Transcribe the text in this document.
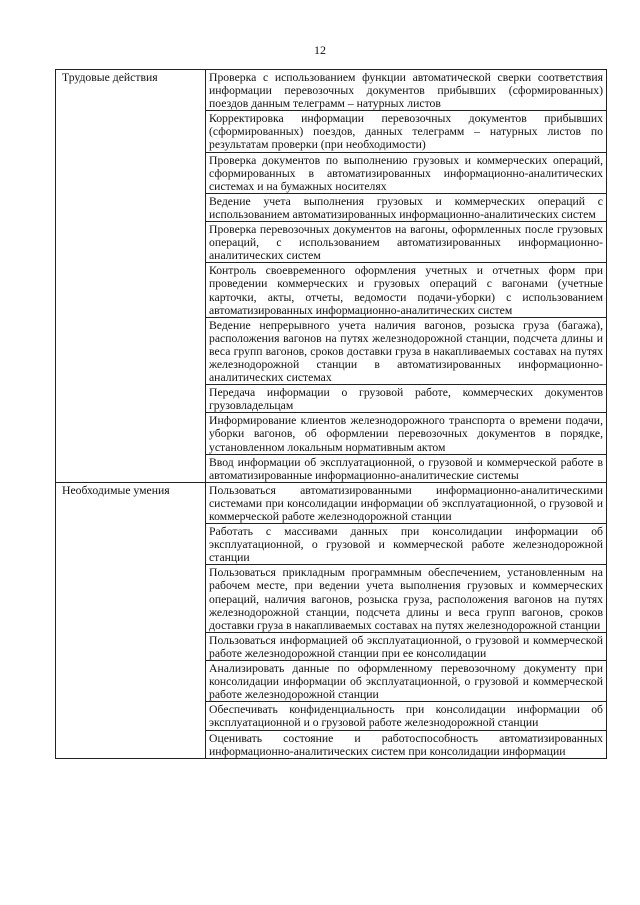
12
Трудовые действия	Проверка с использованием функции автоматической сверки соответствия информации перевозочных документов прибывших (сформированных) поездов данным телеграмм – натурных листов
	Корректировка информации перевозочных документов прибывших (сформированных) поездов, данных телеграмм – натурных листов по результатам проверки (при необходимости)
	Проверка документов по выполнению грузовых и коммерческих операций, сформированных в автоматизированных информационно-аналитических системах и на бумажных носителях
	Ведение учета выполнения грузовых и коммерческих операций с использованием автоматизированных информационно-аналитических систем
	Проверка перевозочных документов на вагоны, оформленных после грузовых операций, с использованием автоматизированных информационно-аналитических систем
	Контроль своевременного оформления учетных и отчетных форм при проведении коммерческих и грузовых операций с вагонами (учетные карточки, акты, отчеты, ведомости подачи-уборки) с использованием автоматизированных информационно-аналитических систем
	Ведение непрерывного учета наличия вагонов, розыска груза (багажа), расположения вагонов на путях железнодорожной станции, подсчета длины и веса групп вагонов, сроков доставки груза в накапливаемых составах на путях железнодорожной станции в автоматизированных информационно-аналитических системах
	Передача информации о грузовой работе, коммерческих документов грузовладельцам
	Информирование клиентов железнодорожного транспорта о времени подачи, уборки вагонов, об оформлении перевозочных документов в порядке, установленном локальным нормативным актом
	Ввод информации об эксплуатационной, о грузовой и коммерческой работе в автоматизированные информационно-аналитические системы
Необходимые умения	Пользоваться автоматизированными информационно-аналитическими системами при консолидации информации об эксплуатационной, о грузовой и коммерческой работе железнодорожной станции
	Работать с массивами данных при консолидации информации об эксплуатационной, о грузовой и коммерческой работе железнодорожной станции
	Пользоваться прикладным программным обеспечением, установленным на рабочем месте, при ведении учета выполнения грузовых и коммерческих операций, наличия вагонов, розыска груза, расположения вагонов на путях железнодорожной станции, подсчета длины и веса групп вагонов, сроков доставки груза в накапливаемых составах на путях железнодорожной станции
	Пользоваться информацией об эксплуатационной, о грузовой и коммерческой работе железнодорожной станции при ее консолидации
	Анализировать данные по оформленному перевозочному документу при консолидации информации об эксплуатационной, о грузовой и коммерческой работе железнодорожной станции
	Обеспечивать конфиденциальность при консолидации информации об эксплуатационной и о грузовой работе железнодорожной станции
	Оценивать состояние и работоспособность автоматизированных информационно-аналитических систем при консолидации информации
